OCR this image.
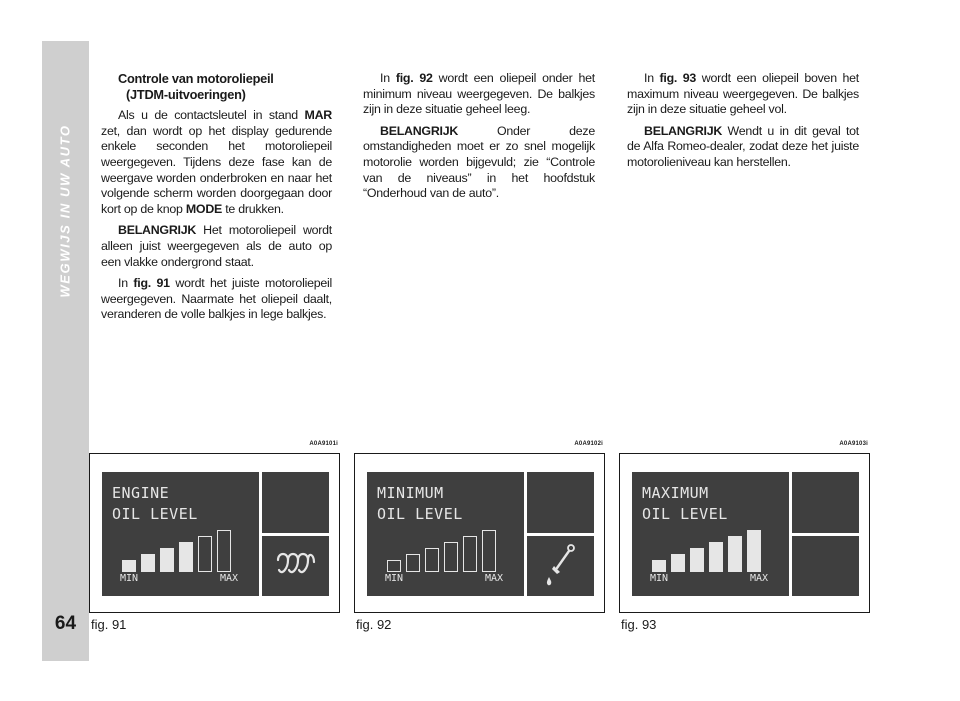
WEGWIJS IN UW AUTO
64

Controle van motoroliepeil
(JTDM-uitvoeringen)

Als u de contactsleutel in stand MAR zet, dan wordt op het display gedurende enkele seconden het motoroliepeil weergegeven. Tijdens deze fase kan de weergave worden onderbroken en naar het volgende scherm worden doorgegaan door kort op de knop MODE te drukken.

BELANGRIJK Het motoroliepeil wordt alleen juist weergegeven als de auto op een vlakke ondergrond staat.

In fig. 91 wordt het juiste motoroliepeil weergegeven. Naarmate het oliepeil daalt, veranderen de volle balkjes in lege balkjes.

In fig. 92 wordt een oliepeil onder het minimum niveau weergegeven. De balkjes zijn in deze situatie geheel leeg.

BELANGRIJK Onder deze omstandigheden moet er zo snel mogelijk motorolie worden bijgevuld; zie “Controle van de niveaus” in het hoofdstuk “Onderhoud van de auto”.

In fig. 93 wordt een oliepeil boven het maximum niveau weergegeven. De balkjes zijn in deze situatie geheel vol.

BELANGRIJK Wendt u in dit geval tot de Alfa Romeo-dealer, zodat deze het juiste motorolieniveau kan herstellen.

A0A9101i
ENGINE
OIL LEVEL
MIN	MAX
fig. 91
A0A9102i
MINIMUM
OIL LEVEL
MIN	MAX
fig. 92
A0A9103i
MAXIMUM
OIL LEVEL
MIN	MAX
fig. 93
